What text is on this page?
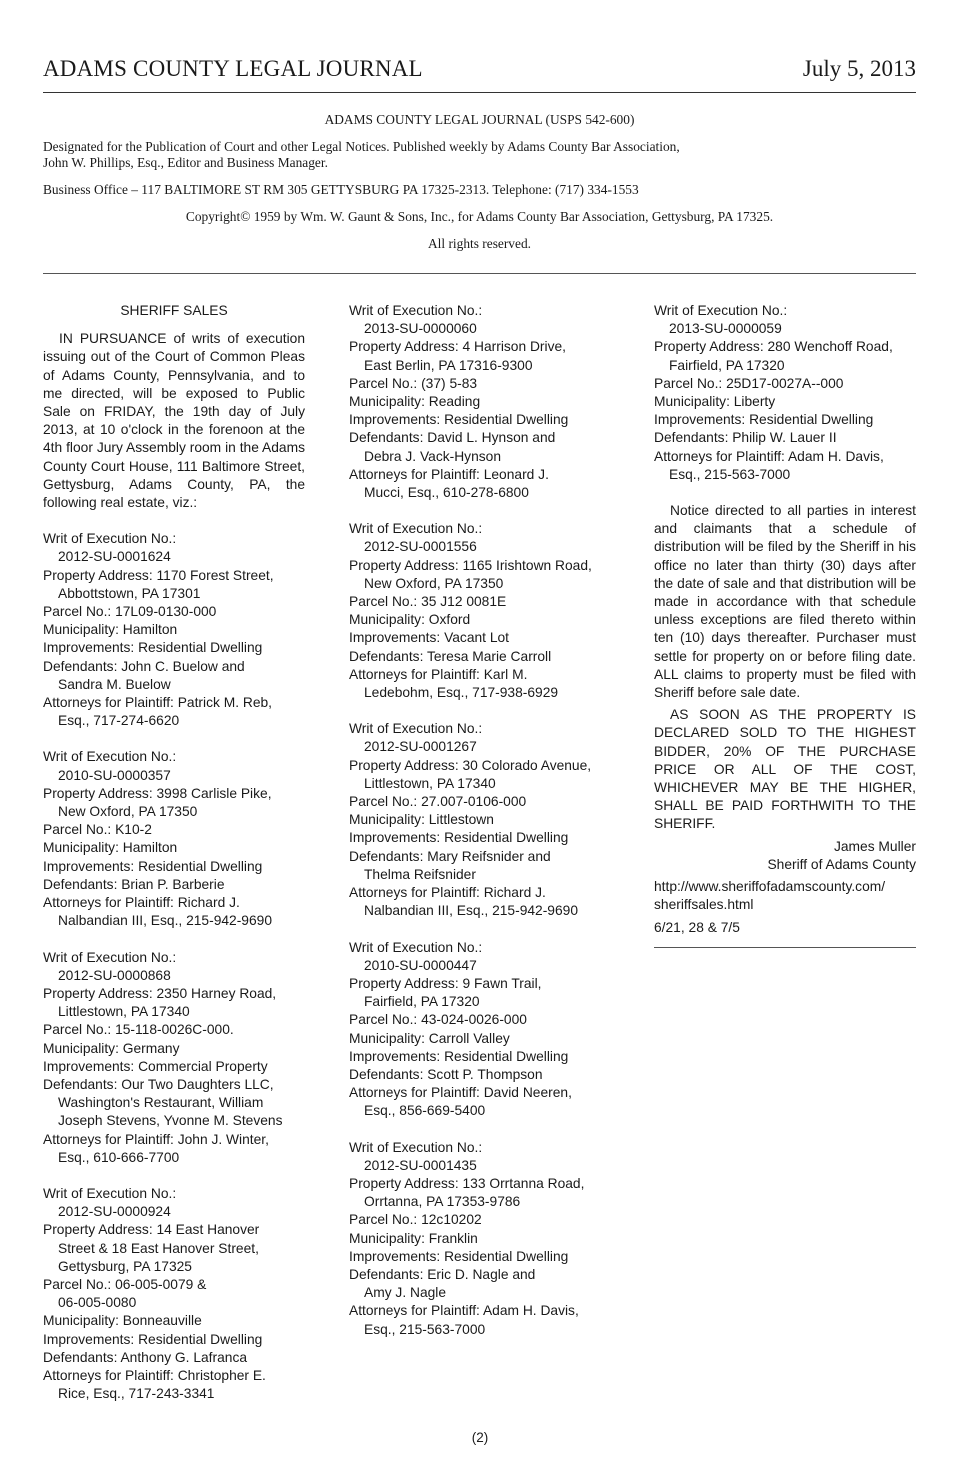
ADAMS COUNTY LEGAL JOURNAL	July 5, 2013

ADAMS COUNTY LEGAL JOURNAL (USPS 542-600)

Designated for the Publication of Court and other Legal Notices. Published weekly by Adams County Bar Association,

John W. Phillips, Esq., Editor and Business Manager.

Business Office – 117 BALTIMORE ST RM 305 GETTYSBURG PA 17325-2313. Telephone: (717) 334-1553

Copyright© 1959 by Wm. W. Gaunt & Sons, Inc., for Adams County Bar Association, Gettysburg, PA 17325.

All rights reserved.

SHERIFF SALES

IN PURSUANCE of writs of execution issuing out of the Court of Common Pleas of Adams County, Pennsylvania, and to me directed, will be exposed to Public Sale on FRIDAY, the 19th day of July 2013, at 10 o'clock in the forenoon at the 4th floor Jury Assembly room in the Adams County Court House, 111 Baltimore Street, Gettysburg, Adams County, PA, the following real estate, viz.:

Writ of Execution No.:
2012-SU-0001624
Property Address: 1170 Forest Street,
Abbottstown, PA 17301
Parcel No.: 17L09-0130-000
Municipality: Hamilton
Improvements: Residential Dwelling
Defendants: John C. Buelow and
Sandra M. Buelow
Attorneys for Plaintiff: Patrick M. Reb,
Esq., 717-274-6620
Writ of Execution No.:
2010-SU-0000357
Property Address: 3998 Carlisle Pike,
New Oxford, PA 17350
Parcel No.: K10-2
Municipality: Hamilton
Improvements: Residential Dwelling
Defendants: Brian P. Barberie
Attorneys for Plaintiff: Richard J.
Nalbandian III, Esq., 215-942-9690
Writ of Execution No.:
2012-SU-0000868
Property Address: 2350 Harney Road,
Littlestown, PA 17340
Parcel No.: 15-118-0026C-000.
Municipality: Germany
Improvements: Commercial Property
Defendants: Our Two Daughters LLC,
Washington's Restaurant, William
Joseph Stevens, Yvonne M. Stevens
Attorneys for Plaintiff: John J. Winter,
Esq., 610-666-7700
Writ of Execution No.:
2012-SU-0000924
Property Address: 14 East Hanover
Street & 18 East Hanover Street,
Gettysburg, PA 17325
Parcel No.: 06-005-0079 &
06-005-0080
Municipality: Bonneauville
Improvements: Residential Dwelling
Defendants: Anthony G. Lafranca
Attorneys for Plaintiff: Christopher E.
Rice, Esq., 717-243-3341
Writ of Execution No.:
2013-SU-0000060
Property Address: 4 Harrison Drive,
East Berlin, PA 17316-9300
Parcel No.: (37) 5-83
Municipality: Reading
Improvements: Residential Dwelling
Defendants: David L. Hynson and
Debra J. Vack-Hynson
Attorneys for Plaintiff: Leonard J.
Mucci, Esq., 610-278-6800
Writ of Execution No.:
2012-SU-0001556
Property Address: 1165 Irishtown Road,
New Oxford, PA 17350
Parcel No.: 35 J12 0081E
Municipality: Oxford
Improvements: Vacant Lot
Defendants: Teresa Marie Carroll
Attorneys for Plaintiff: Karl M.
Ledebohm, Esq., 717-938-6929
Writ of Execution No.:
2012-SU-0001267
Property Address: 30 Colorado Avenue,
Littlestown, PA 17340
Parcel No.: 27.007-0106-000
Municipality: Littlestown
Improvements: Residential Dwelling
Defendants: Mary Reifsnider and
Thelma Reifsnider
Attorneys for Plaintiff: Richard J.
Nalbandian III, Esq., 215-942-9690
Writ of Execution No.:
2010-SU-0000447
Property Address: 9 Fawn Trail,
Fairfield, PA 17320
Parcel No.: 43-024-0026-000
Municipality: Carroll Valley
Improvements: Residential Dwelling
Defendants: Scott P. Thompson
Attorneys for Plaintiff: David Neeren,
Esq., 856-669-5400
Writ of Execution No.:
2012-SU-0001435
Property Address: 133 Orrtanna Road,
Orrtanna, PA 17353-9786
Parcel No.: 12c10202
Municipality: Franklin
Improvements: Residential Dwelling
Defendants: Eric D. Nagle and
Amy J. Nagle
Attorneys for Plaintiff: Adam H. Davis,
Esq., 215-563-7000
Writ of Execution No.:
2013-SU-0000059
Property Address: 280 Wenchoff Road,
Fairfield, PA 17320
Parcel No.: 25D17-0027A--000
Municipality: Liberty
Improvements: Residential Dwelling
Defendants: Philip W. Lauer II
Attorneys for Plaintiff: Adam H. Davis,
Esq., 215-563-7000

Notice directed to all parties in interest and claimants that a schedule of distribution will be filed by the Sheriff in his office no later than thirty (30) days after the date of sale and that distribution will be made in accordance with that schedule unless exceptions are filed thereto within ten (10) days thereafter. Purchaser must settle for property on or before filing date. ALL claims to property must be filed with Sheriff before sale date.

AS SOON AS THE PROPERTY IS DECLARED SOLD TO THE HIGHEST BIDDER, 20% OF THE PURCHASE PRICE OR ALL OF THE COST, WHICHEVER MAY BE THE HIGHER, SHALL BE PAID FORTHWITH TO THE SHERIFF.

James Muller

Sheriff of Adams County

http://www.sheriffofadamscounty.com/

sheriffsales.html

6/21, 28 & 7/5

(2)
